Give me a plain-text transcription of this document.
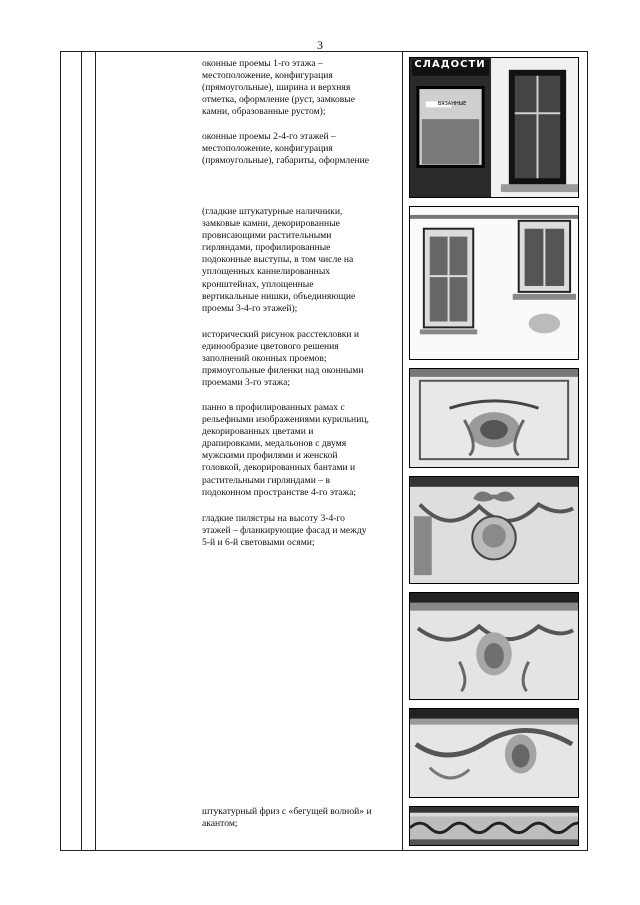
3

оконные проемы 1-го этажа –
местоположение, конфигурация
(прямоугольные), ширина и верхняя
отметка, оформление (руст, замковые
камни, образованные рустом);

оконные проемы 2-4-го этажей –
местоположение, конфигурация
(прямоугольные), габариты, оформление

(гладкие штукатурные наличники,
замковые камни, декорированные
провисающими растительными
гирляндами, профилированные
подоконные выступы, в том числе на
уплощенных каннелированных
кронштейнах, уплощенные
вертикальные нишки, объединяющие
проемы 3-4-го этажей);

исторический рисунок расстекловки и
единообразие цветового решения
заполнений оконных проемов;
прямоугольные филенки над оконными
проемами 3-го этажа;

панно в профилированных рамах с
рельефными изображениями курильниц,
декорированных цветами и
драпировками, медальонов с двумя
мужскими профилями и женской
головкой, декорированных бантами и
растительными гирляндами – в
подоконном пространстве 4-го этажа;

гладкие пилястры на высоту 3-4-го
этажей – фланкирующие фасад и между
5-й и 6-й световыми осями;

штукатурный фриз с «бегущей волной» и
акантом;

СЛАДОСТИ
ВЯЗАННЫЕ
